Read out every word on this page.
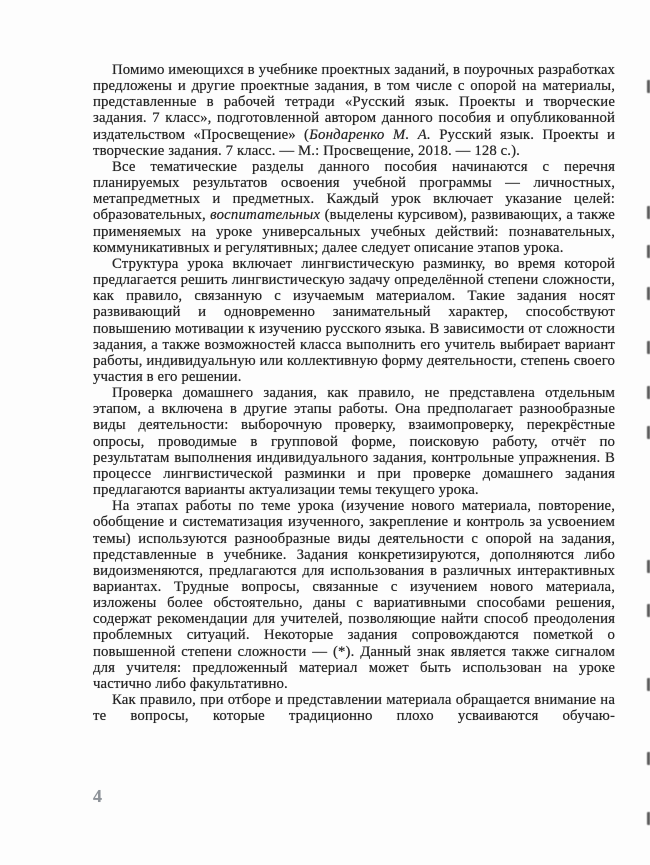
Помимо имеющихся в учебнике проектных заданий, в поурочных разработках предложены и другие проектные задания, в том числе с опорой на материалы, представленные в рабочей тетради «Русский язык. Проекты и творческие задания. 7 класс», подготовленной автором данного пособия и опубликованной издательством «Просвещение» (Бондаренко М. А. Русский язык. Проекты и творческие задания. 7 класс. — М.: Просвещение, 2018. — 128 с.).

Все тематические разделы данного пособия начинаются с перечня планируемых результатов освоения учебной программы — личностных, метапредметных и предметных. Каждый урок включает указание целей: образовательных, воспитательных (выделены курсивом), развивающих, а также применяемых на уроке универсальных учебных действий: познавательных, коммуникативных и регулятивных; далее следует описание этапов урока.

Структура урока включает лингвистическую разминку, во время которой предлагается решить лингвистическую задачу определённой степени сложности, как правило, связанную с изучаемым материалом. Такие задания носят развивающий и одновременно занимательный характер, способствуют повышению мотивации к изучению русского языка. В зависимости от сложности задания, а также возможностей класса выполнить его учитель выбирает вариант работы, индивидуальную или коллективную форму деятельности, степень своего участия в его решении.

Проверка домашнего задания, как правило, не представлена отдельным этапом, а включена в другие этапы работы. Она предполагает разнообразные виды деятельности: выборочную проверку, взаимопроверку, перекрёстные опросы, проводимые в групповой форме, поисковую работу, отчёт по результатам выполнения индивидуального задания, контрольные упражнения. В процессе лингвистической разминки и при проверке домашнего задания предлагаются варианты актуализации темы текущего урока.

На этапах работы по теме урока (изучение нового материала, повторение, обобщение и систематизация изученного, закрепление и контроль за усвоением темы) используются разнообразные виды деятельности с опорой на задания, представленные в учебнике. Задания конкретизируются, дополняются либо видоизменяются, предлагаются для использования в различных интерактивных вариантах. Трудные вопросы, связанные с изучением нового материала, изложены более обстоятельно, даны с вариативными способами решения, содержат рекомендации для учителей, позволяющие найти способ преодоления проблемных ситуаций. Некоторые задания сопровождаются пометкой о повышенной степени сложности — (*). Данный знак является также сигналом для учителя: предложенный материал может быть использован на уроке частично либо факультативно.

Как правило, при отборе и представлении материала обращается внимание на те вопросы, которые традиционно плохо усваиваются обучаю-

4
